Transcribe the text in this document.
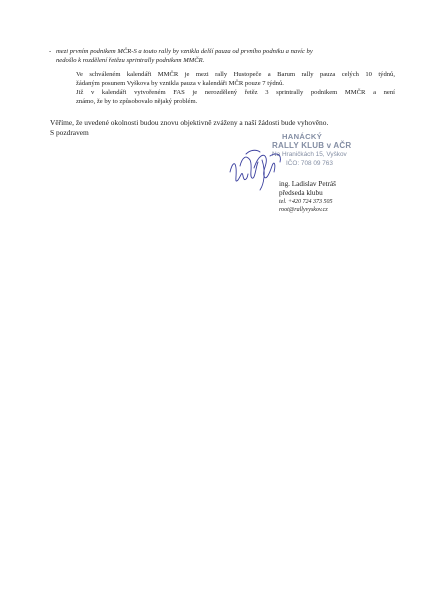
- mezi prvním podnikem MČR-S a touto rally by vznikla delší pauza od prvního podniku a navíc by
nedošlo k rozdělení řetězu sprintrally podnikem MMČR.
Ve schváleném kalendáři MMČR je mezi rally Hustopeče a Barum rally pauza celých 10 týdnů,
žádaným posunem Vyškova by vznikla pauza v kalendáři MČR pouze 7 týdnů.
Již v kalendáři vytvořeném FAS je nerozdělený řetěz 3 sprintrally podnikem MMČR a není
známo, že by to způsobovalo nějaký problém.
Věříme, že uvedené okolnosti budou znovu objektivně zváženy a naší žádosti bude vyhověno.
S pozdravem	HANÁCKÝ
RALLY KLUB v AČR
Na Hraničkách 15, Vyškov
IČO: 708 09 763
ing. Ladislav Petráš
předseda klubu
tel. +420 724 373 505
root@rallyvyskov.cz
